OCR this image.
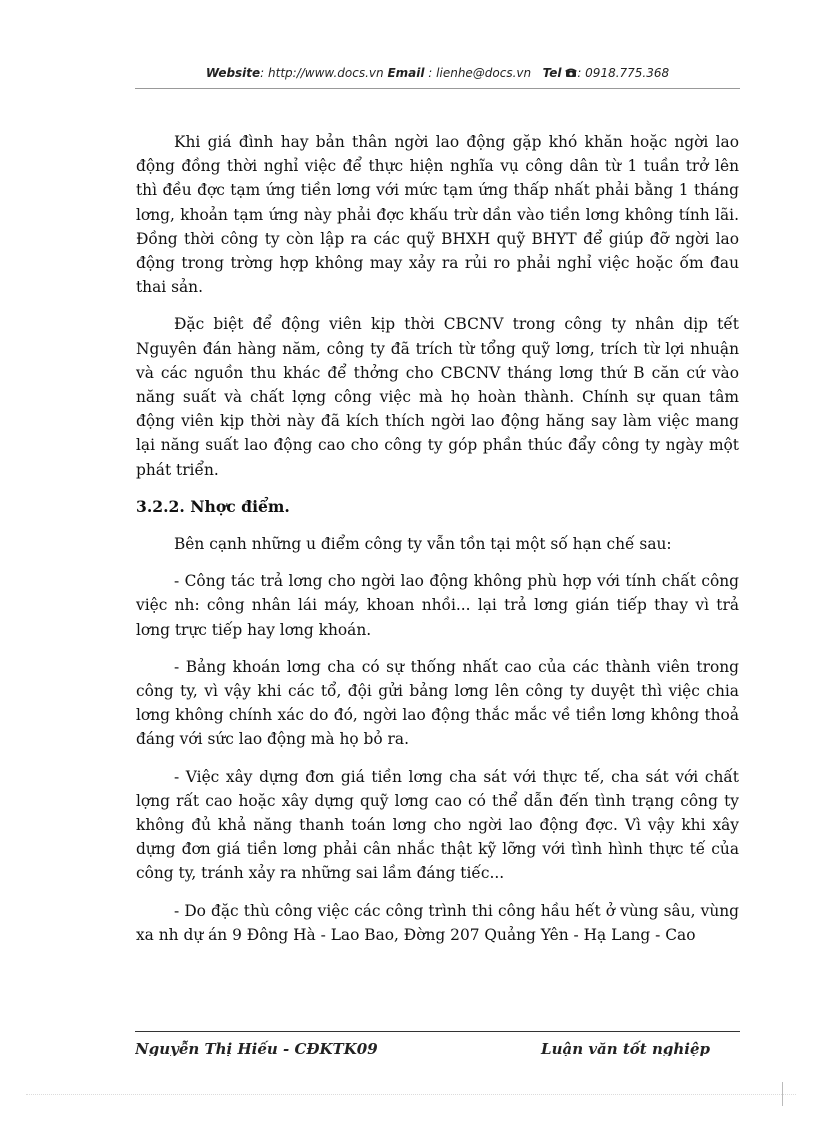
Website: http://www.docs.vn Email : lienhe@docs.vn Tel : 0918.775.368

Khi giá đình hay bản thân ngời lao động gặp khó khăn hoặc ngời lao động đồng thời nghỉ việc để thực hiện nghĩa vụ công dân từ 1 tuần trở lên thì đều đợc tạm ứng tiền lơng với mức tạm ứng thấp nhất phải bằng 1 tháng lơng, khoản tạm ứng này phải đợc khấu trừ dần vào tiền lơng không tính lãi. Đồng thời công ty còn lập ra các quỹ BHXH quỹ BHYT để giúp đỡ ngời lao động trong trờng hợp không may xảy ra rủi ro phải nghỉ việc hoặc ốm đau thai sản.

Đặc biệt để động viên kịp thời CBCNV trong công ty nhân dịp tết Nguyên đán hàng năm, công ty đã trích từ tổng quỹ lơng, trích từ lợi nhuận và các nguồn thu khác để thởng cho CBCNV tháng lơng thứ B căn cứ vào năng suất và chất lợng công việc mà họ hoàn thành. Chính sự quan tâm động viên kịp thời này đã kích thích ngời lao động hăng say làm việc mang lại năng suất lao động cao cho công ty góp phần thúc đẩy công ty ngày một phát triển.

3.2.2. Nhợc điểm.

Bên cạnh những u điểm công ty vẫn tồn tại một số hạn chế sau:

- Công tác trả lơng cho ngời lao động không phù hợp với tính chất công việc nh: công nhân lái máy, khoan nhồi... lại trả lơng gián tiếp thay vì trả lơng trực tiếp hay lơng khoán.

- Bảng khoán lơng cha có sự thống nhất cao của các thành viên trong công ty, vì vậy khi các tổ, đội gửi bảng lơng lên công ty duyệt thì việc chia lơng không chính xác do đó, ngời lao động thắc mắc về tiền lơng không thoả đáng với sức lao động mà họ bỏ ra.

- Việc xây dựng đơn giá tiền lơng cha sát với thực tế, cha sát với chất lợng rất cao hoặc xây dựng quỹ lơng cao có thể dẫn đến tình trạng công ty không đủ khả năng thanh toán lơng cho ngời lao động đợc. Vì vậy khi xây dựng đơn giá tiền lơng phải cân nhắc thật kỹ lỡng với tình hình thực tế của công ty, tránh xảy ra những sai lầm đáng tiếc...

- Do đặc thù công việc các công trình thi công hầu hết ở vùng sâu, vùng xa nh dự án 9 Đông Hà - Lao Bao, Đờng 207 Quảng Yên - Hạ Lang - Cao

Nguyễn Thị Hiếu - CĐKTK09	Luận văn tốt nghiệp
